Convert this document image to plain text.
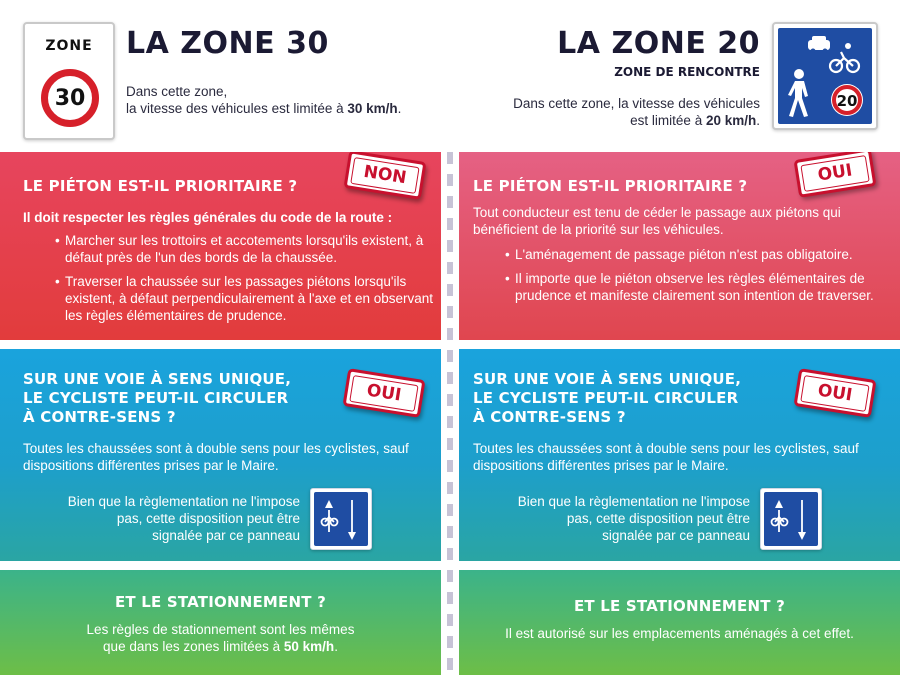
ZONE
30
LA ZONE 30
Dans cette zone,
la vitesse des véhicules est limitée à 30 km/h.
LA ZONE 20
ZONE DE RENCONTRE
Dans cette zone, la vitesse des véhicules
est limitée à 20 km/h.
20
LE PIÉTON EST-IL PRIORITAIRE ?	NON
Il doit respecter les règles générales du code de la route :
• Marcher sur les trottoirs et accotements lorsqu'ils existent, à défaut près de l'un des bords de la chaussée.
• Traverser la chaussée sur les passages piétons lorsqu'ils existent, à défaut perpendiculairement à l'axe et en observant les règles élémentaires de prudence.
LE PIÉTON EST-IL PRIORITAIRE ?
OUI
Tout conducteur est tenu de céder le passage aux piétons qui bénéficient de la priorité sur les véhicules.
• L'aménagement de passage piéton n'est pas obligatoire.
• Il importe que le piéton observe les règles élémentaires de prudence et manifeste clairement son intention de traverser.
SUR UNE VOIE À SENS UNIQUE,
LE CYCLISTE PEUT-IL CIRCULER
À CONTRE-SENS ?
OUI
Toutes les chaussées sont à double sens pour les cyclistes, sauf dispositions différentes prises par le Maire.
Bien que la règlementation ne l'impose pas, cette disposition peut être signalée par ce panneau
SUR UNE VOIE À SENS UNIQUE,
LE CYCLISTE PEUT-IL CIRCULER
À CONTRE-SENS ?
OUI
Toutes les chaussées sont à double sens pour les cyclistes, sauf dispositions différentes prises par le Maire.
Bien que la règlementation ne l'impose pas, cette disposition peut être signalée par ce panneau
ET LE STATIONNEMENT ?
Les règles de stationnement sont les mêmes
que dans les zones limitées à 50 km/h.
ET LE STATIONNEMENT ?
Il est autorisé sur les emplacements aménagés à cet effet.
